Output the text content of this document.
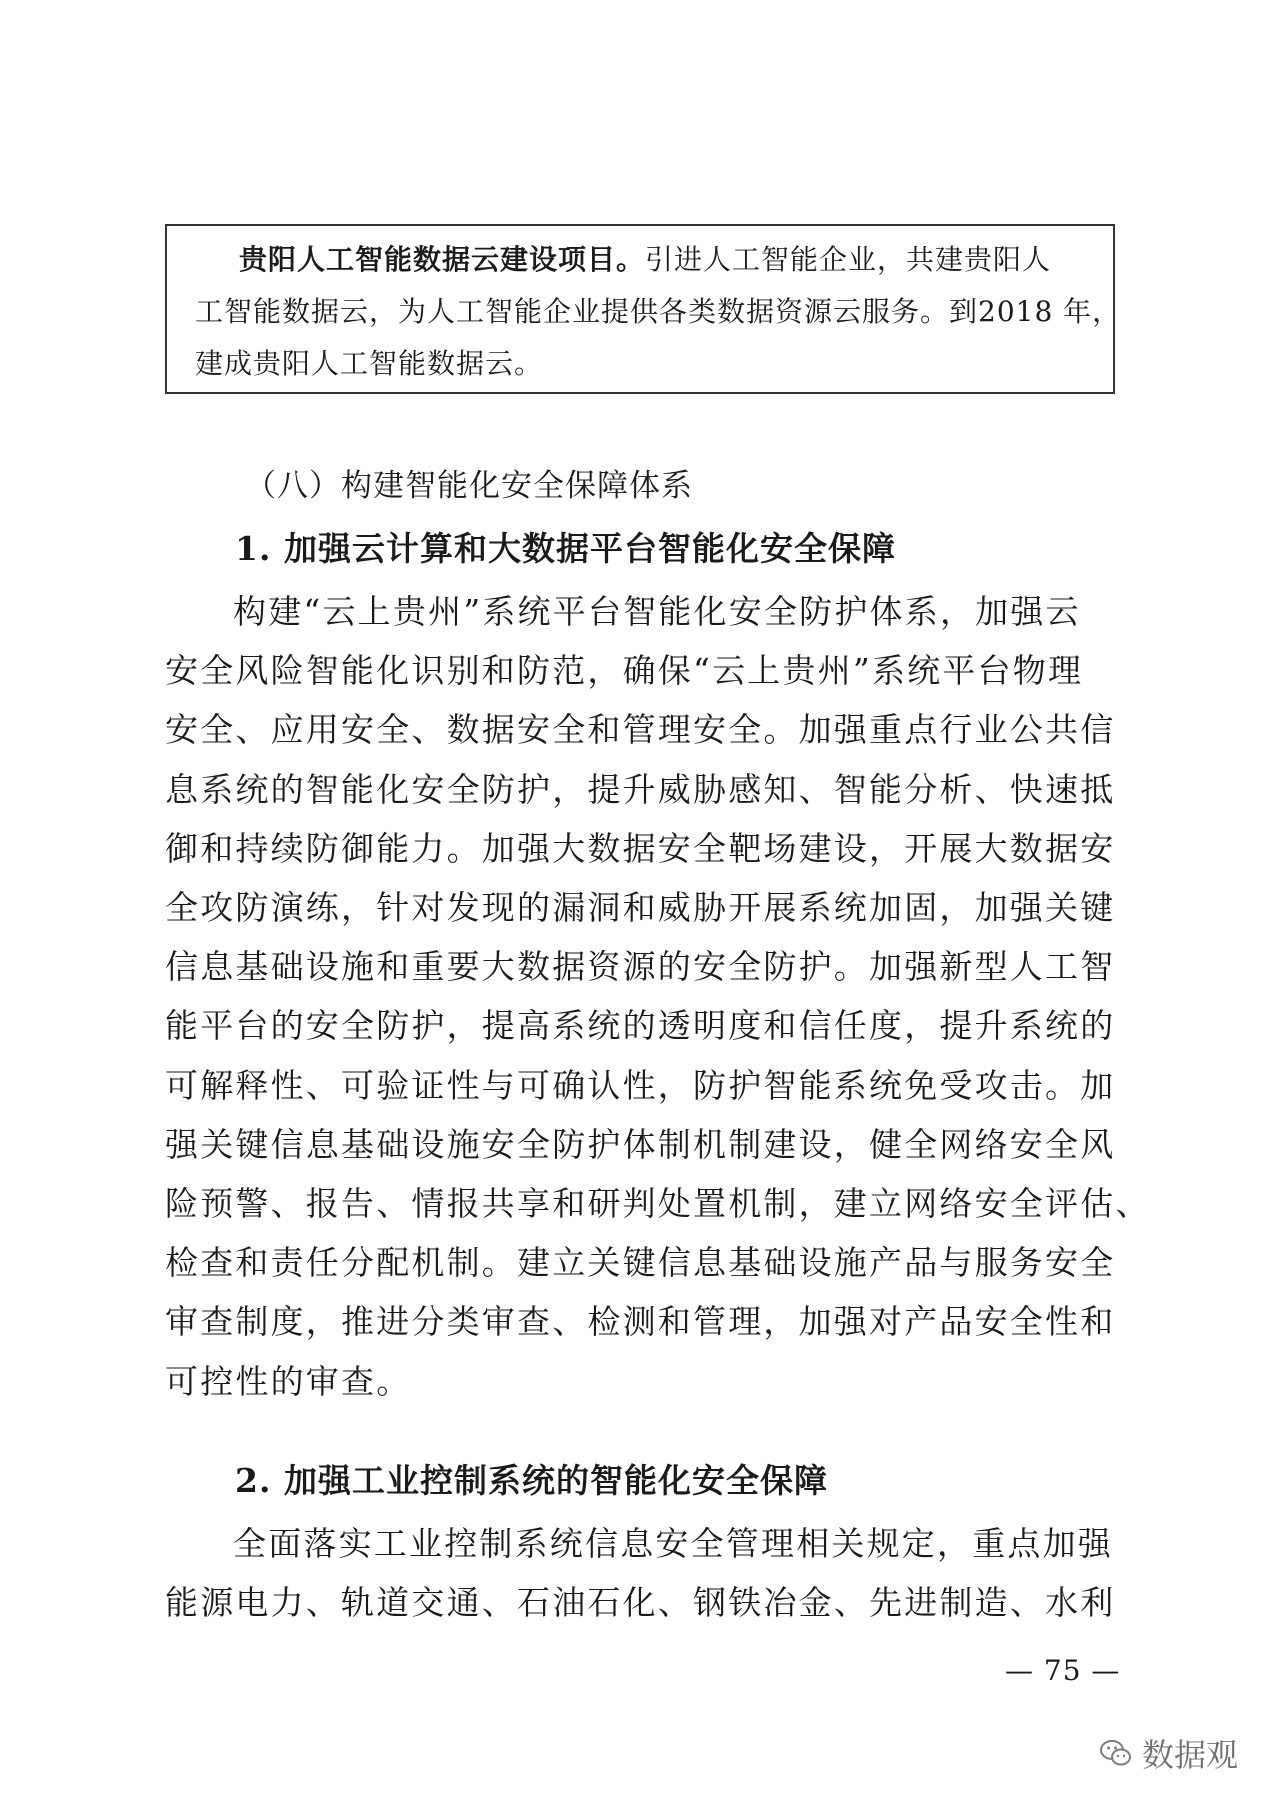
贵阳人工智能数据云建设项目。引进人工智能企业，共建贵阳人
工智能数据云，为人工智能企业提供各类数据资源云服务。到2018 年，
建成贵阳人工智能数据云。
（八）构建智能化安全保障体系
1. 加强云计算和大数据平台智能化安全保障
构建“云上贵州”系统平台智能化安全防护体系，加强云
安全风险智能化识别和防范，确保“云上贵州”系统平台物理
安全、应用安全、数据安全和管理安全。加强重点行业公共信
息系统的智能化安全防护，提升威胁感知、智能分析、快速抵
御和持续防御能力。加强大数据安全靶场建设，开展大数据安
全攻防演练，针对发现的漏洞和威胁开展系统加固，加强关键
信息基础设施和重要大数据资源的安全防护。加强新型人工智
能平台的安全防护，提高系统的透明度和信任度，提升系统的
可解释性、可验证性与可确认性，防护智能系统免受攻击。加
强关键信息基础设施安全防护体制机制建设，健全网络安全风
险预警、报告、情报共享和研判处置机制，建立网络安全评估、
检查和责任分配机制。建立关键信息基础设施产品与服务安全
审查制度，推进分类审查、检测和管理，加强对产品安全性和
可控性的审查。
2. 加强工业控制系统的智能化安全保障
全面落实工业控制系统信息安全管理相关规定，重点加强
能源电力、轨道交通、石油石化、钢铁冶金、先进制造、水利
— 75 —
数据观
